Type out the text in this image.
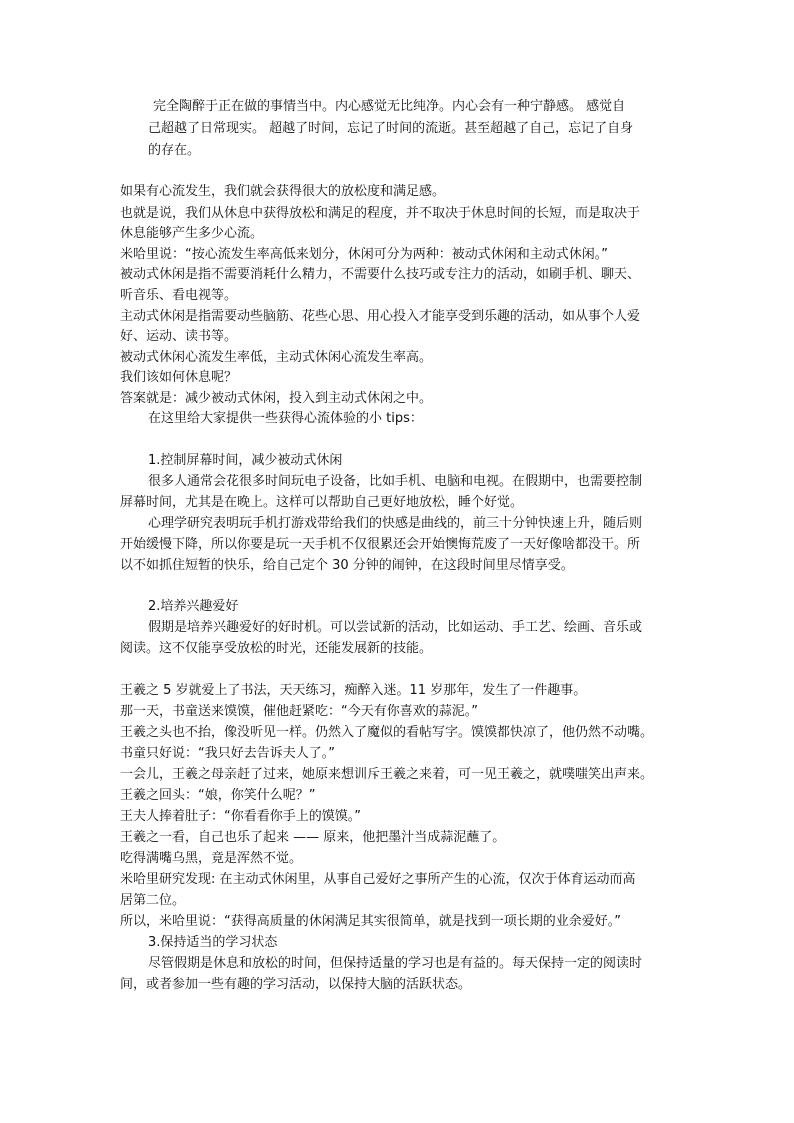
完全陶醉于正在做的事情当中。内心感觉无比纯净。内心会有一种宁静感。 感觉自
己超越了日常现实。 超越了时间，忘记了时间的流逝。甚至超越了自己，忘记了自身
的存在。
如果有心流发生，我们就会获得很大的放松度和满足感。
也就是说，我们从休息中获得放松和满足的程度，并不取决于休息时间的长短，而是取决于
休息能够产生多少心流。
米哈里说：“按心流发生率高低来划分，休闲可分为两种：被动式休闲和主动式休闲。”
被动式休闲是指不需要消耗什么精力，不需要什么技巧或专注力的活动，如刷手机、聊天、
听音乐、看电视等。
主动式休闲是指需要动些脑筋、花些心思、用心投入才能享受到乐趣的活动，如从事个人爱
好、运动、读书等。
被动式休闲心流发生率低，主动式休闲心流发生率高。
我们该如何休息呢？
答案就是：减少被动式休闲，投入到主动式休闲之中。
在这里给大家提供一些获得心流体验的小 tips：
1.控制屏幕时间，减少被动式休闲
很多人通常会花很多时间玩电子设备，比如手机、电脑和电视。在假期中，也需要控制
屏幕时间，尤其是在晚上。这样可以帮助自己更好地放松，睡个好觉。
心理学研究表明玩手机打游戏带给我们的快感是曲线的，前三十分钟快速上升，随后则
开始缓慢下降，所以你要是玩一天手机不仅很累还会开始懊悔荒废了一天好像啥都没干。所
以不如抓住短暂的快乐，给自己定个 30 分钟的闹钟，在这段时间里尽情享受。
2.培养兴趣爱好
假期是培养兴趣爱好的好时机。可以尝试新的活动，比如运动、手工艺、绘画、音乐或
阅读。这不仅能享受放松的时光，还能发展新的技能。
王羲之 5 岁就爱上了书法，天天练习，痴醉入迷。11 岁那年，发生了一件趣事。
那一天，书童送来馍馍，催他赶紧吃：“今天有你喜欢的蒜泥。”
王羲之头也不抬，像没听见一样。仍然入了魔似的看帖写字。馍馍都快凉了，他仍然不动嘴。
书童只好说：“我只好去告诉夫人了。”
一会儿，王羲之母亲赶了过来，她原来想训斥王羲之来着，可一见王羲之，就噗嗤笑出声来。
王羲之回头：“娘，你笑什么呢？”
王夫人捧着肚子：“你看看你手上的馍馍。”
王羲之一看，自己也乐了起来 —— 原来，他把墨汁当成蒜泥蘸了。
吃得满嘴乌黑，竟是浑然不觉。
米哈里研究发现: 在主动式休闲里，从事自己爱好之事所产生的心流，仅次于体育运动而高
居第二位。
所以，米哈里说：“获得高质量的休闲满足其实很简单，就是找到一项长期的业余爱好。”
3.保持适当的学习状态
尽管假期是休息和放松的时间，但保持适量的学习也是有益的。每天保持一定的阅读时
间，或者参加一些有趣的学习活动，以保持大脑的活跃状态。
